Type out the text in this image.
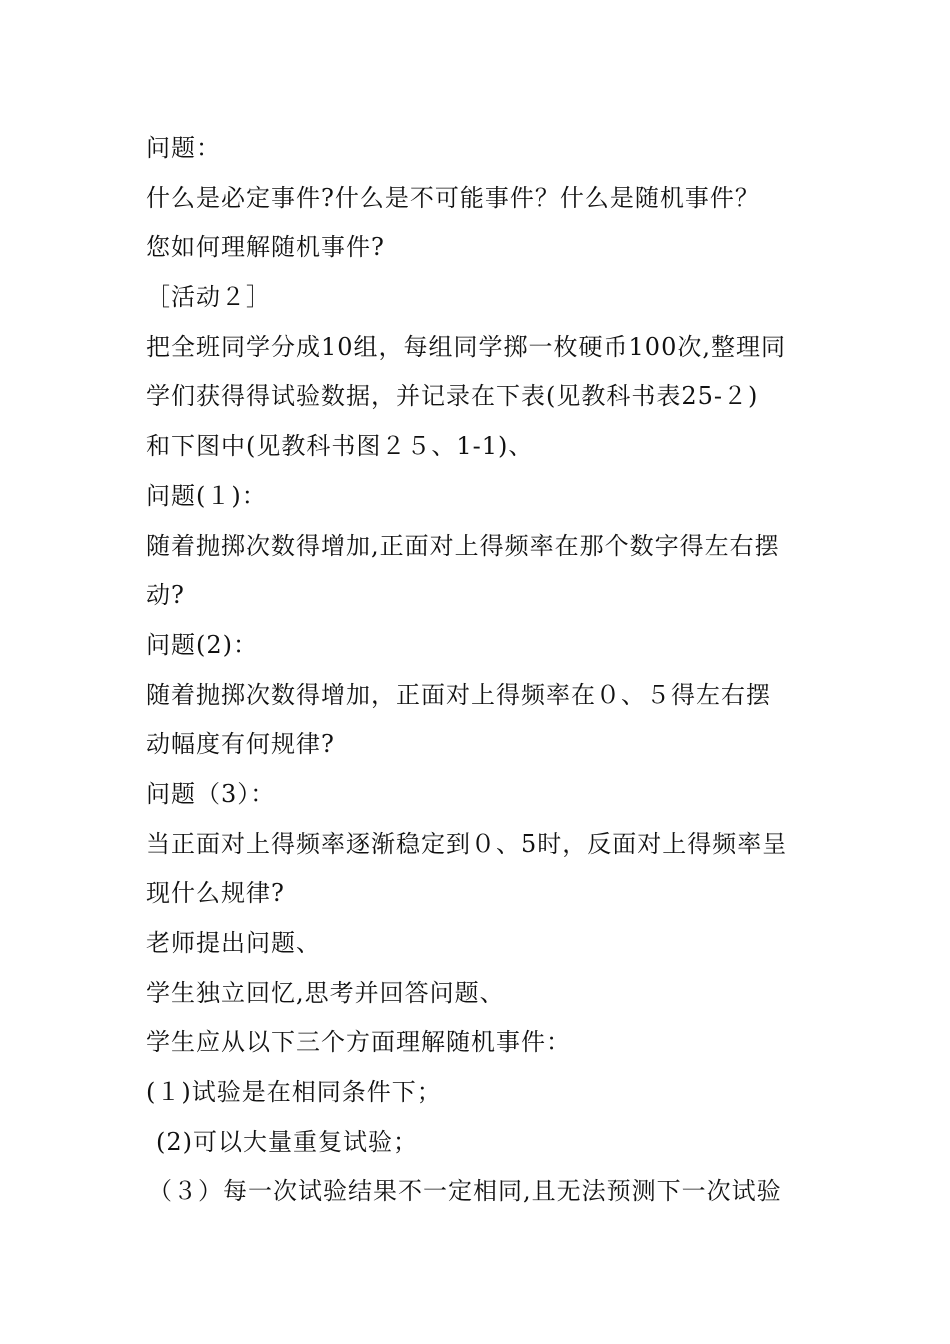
问题：
什么是必定事件?什么是不可能事件？什么是随机事件？
您如何理解随机事件?
［活动２］
把全班同学分成10组，每组同学掷一枚硬币100次,整理同
学们获得得试验数据，并记录在下表(见教科书表25-２)
和下图中(见教科书图２５、1-1)、
问题(１)：
随着抛掷次数得增加,正面对上得频率在那个数字得左右摆
动?
问题(2)：
随着抛掷次数得增加，正面对上得频率在０、５得左右摆
动幅度有何规律?
问题（3）：
当正面对上得频率逐渐稳定到０、5时，反面对上得频率呈
现什么规律?
老师提出问题、
学生独立回忆,思考并回答问题、
学生应从以下三个方面理解随机事件：
(１)试验是在相同条件下；
(2)可以大量重复试验；
（３）每一次试验结果不一定相同,且无法预测下一次试验
